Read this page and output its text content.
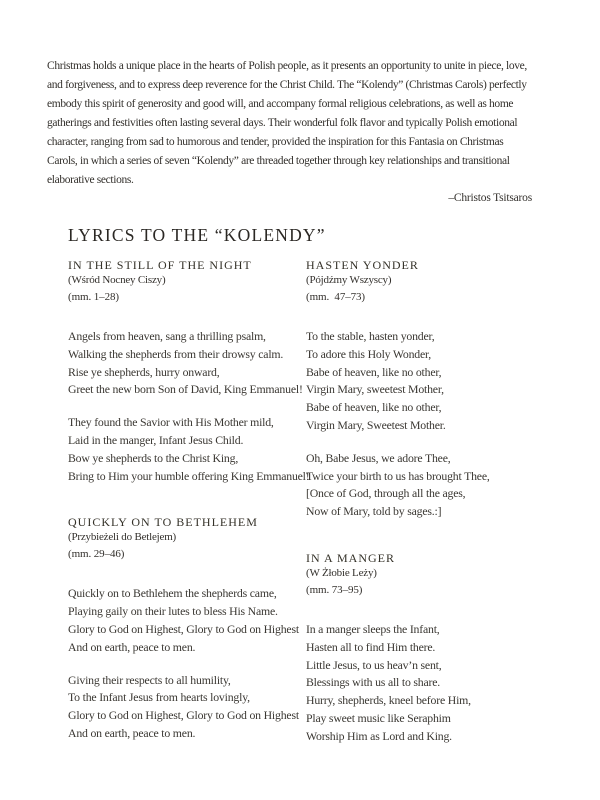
Christmas holds a unique place in the hearts of Polish people, as it presents an opportunity to unite in piece, love,
and forgiveness, and to express deep reverence for the Christ Child. The “Kolendy” (Christmas Carols) perfectly
embody this spirit of generosity and good will, and accompany formal religious celebrations, as well as home
gatherings and festivities often lasting several days. Their wonderful folk flavor and typically Polish emotional
character, ranging from sad to humorous and tender, provided the inspiration for this Fantasia on Christmas
Carols, in which a series of seven “Kolendy” are threaded together through key relationships and transitional
elaborative sections.
–Christos Tsitsaros
LYRICS TO THE “KOLENDY”
IN THE STILL OF THE NIGHT
(Wśród Nocney Ciszy)
(mm. 1–28)
Angels from heaven, sang a thrilling psalm,
Walking the shepherds from their drowsy calm.
Rise ye shepherds, hurry onward,
Greet the new born Son of David, King Emmanuel!
They found the Savior with His Mother mild,
Laid in the manger, Infant Jesus Child.
Bow ye shepherds to the Christ King,
Bring to Him your humble offering King Emmanuel!
QUICKLY ON TO BETHLEHEM
(Przybieżeli do Betlejem)
(mm. 29–46)
Quickly on to Bethlehem the shepherds came,
Playing gaily on their lutes to bless His Name.
Glory to God on Highest, Glory to God on Highest
And on earth, peace to men.
Giving their respects to all humility,
To the Infant Jesus from hearts lovingly,
Glory to God on Highest, Glory to God on Highest
And on earth, peace to men.
HASTEN YONDER
(Pójdźmy Wszyscy)
(mm.  47–73)
To the stable, hasten yonder,
To adore this Holy Wonder,
Babe of heaven, like no other,
Virgin Mary, sweetest Mother,
Babe of heaven, like no other,
Virgin Mary, Sweetest Mother.
Oh, Babe Jesus, we adore Thee,
Twice your birth to us has brought Thee,
[Once of God, through all the ages,
Now of Mary, told by sages.:]
IN A MANGER
(W Żłobie Leży)
(mm. 73–95)
In a manger sleeps the Infant,
Hasten all to find Him there.
Little Jesus, to us heav’n sent,
Blessings with us all to share.
Hurry, shepherds, kneel before Him,
Play sweet music like Seraphim
Worship Him as Lord and King.
